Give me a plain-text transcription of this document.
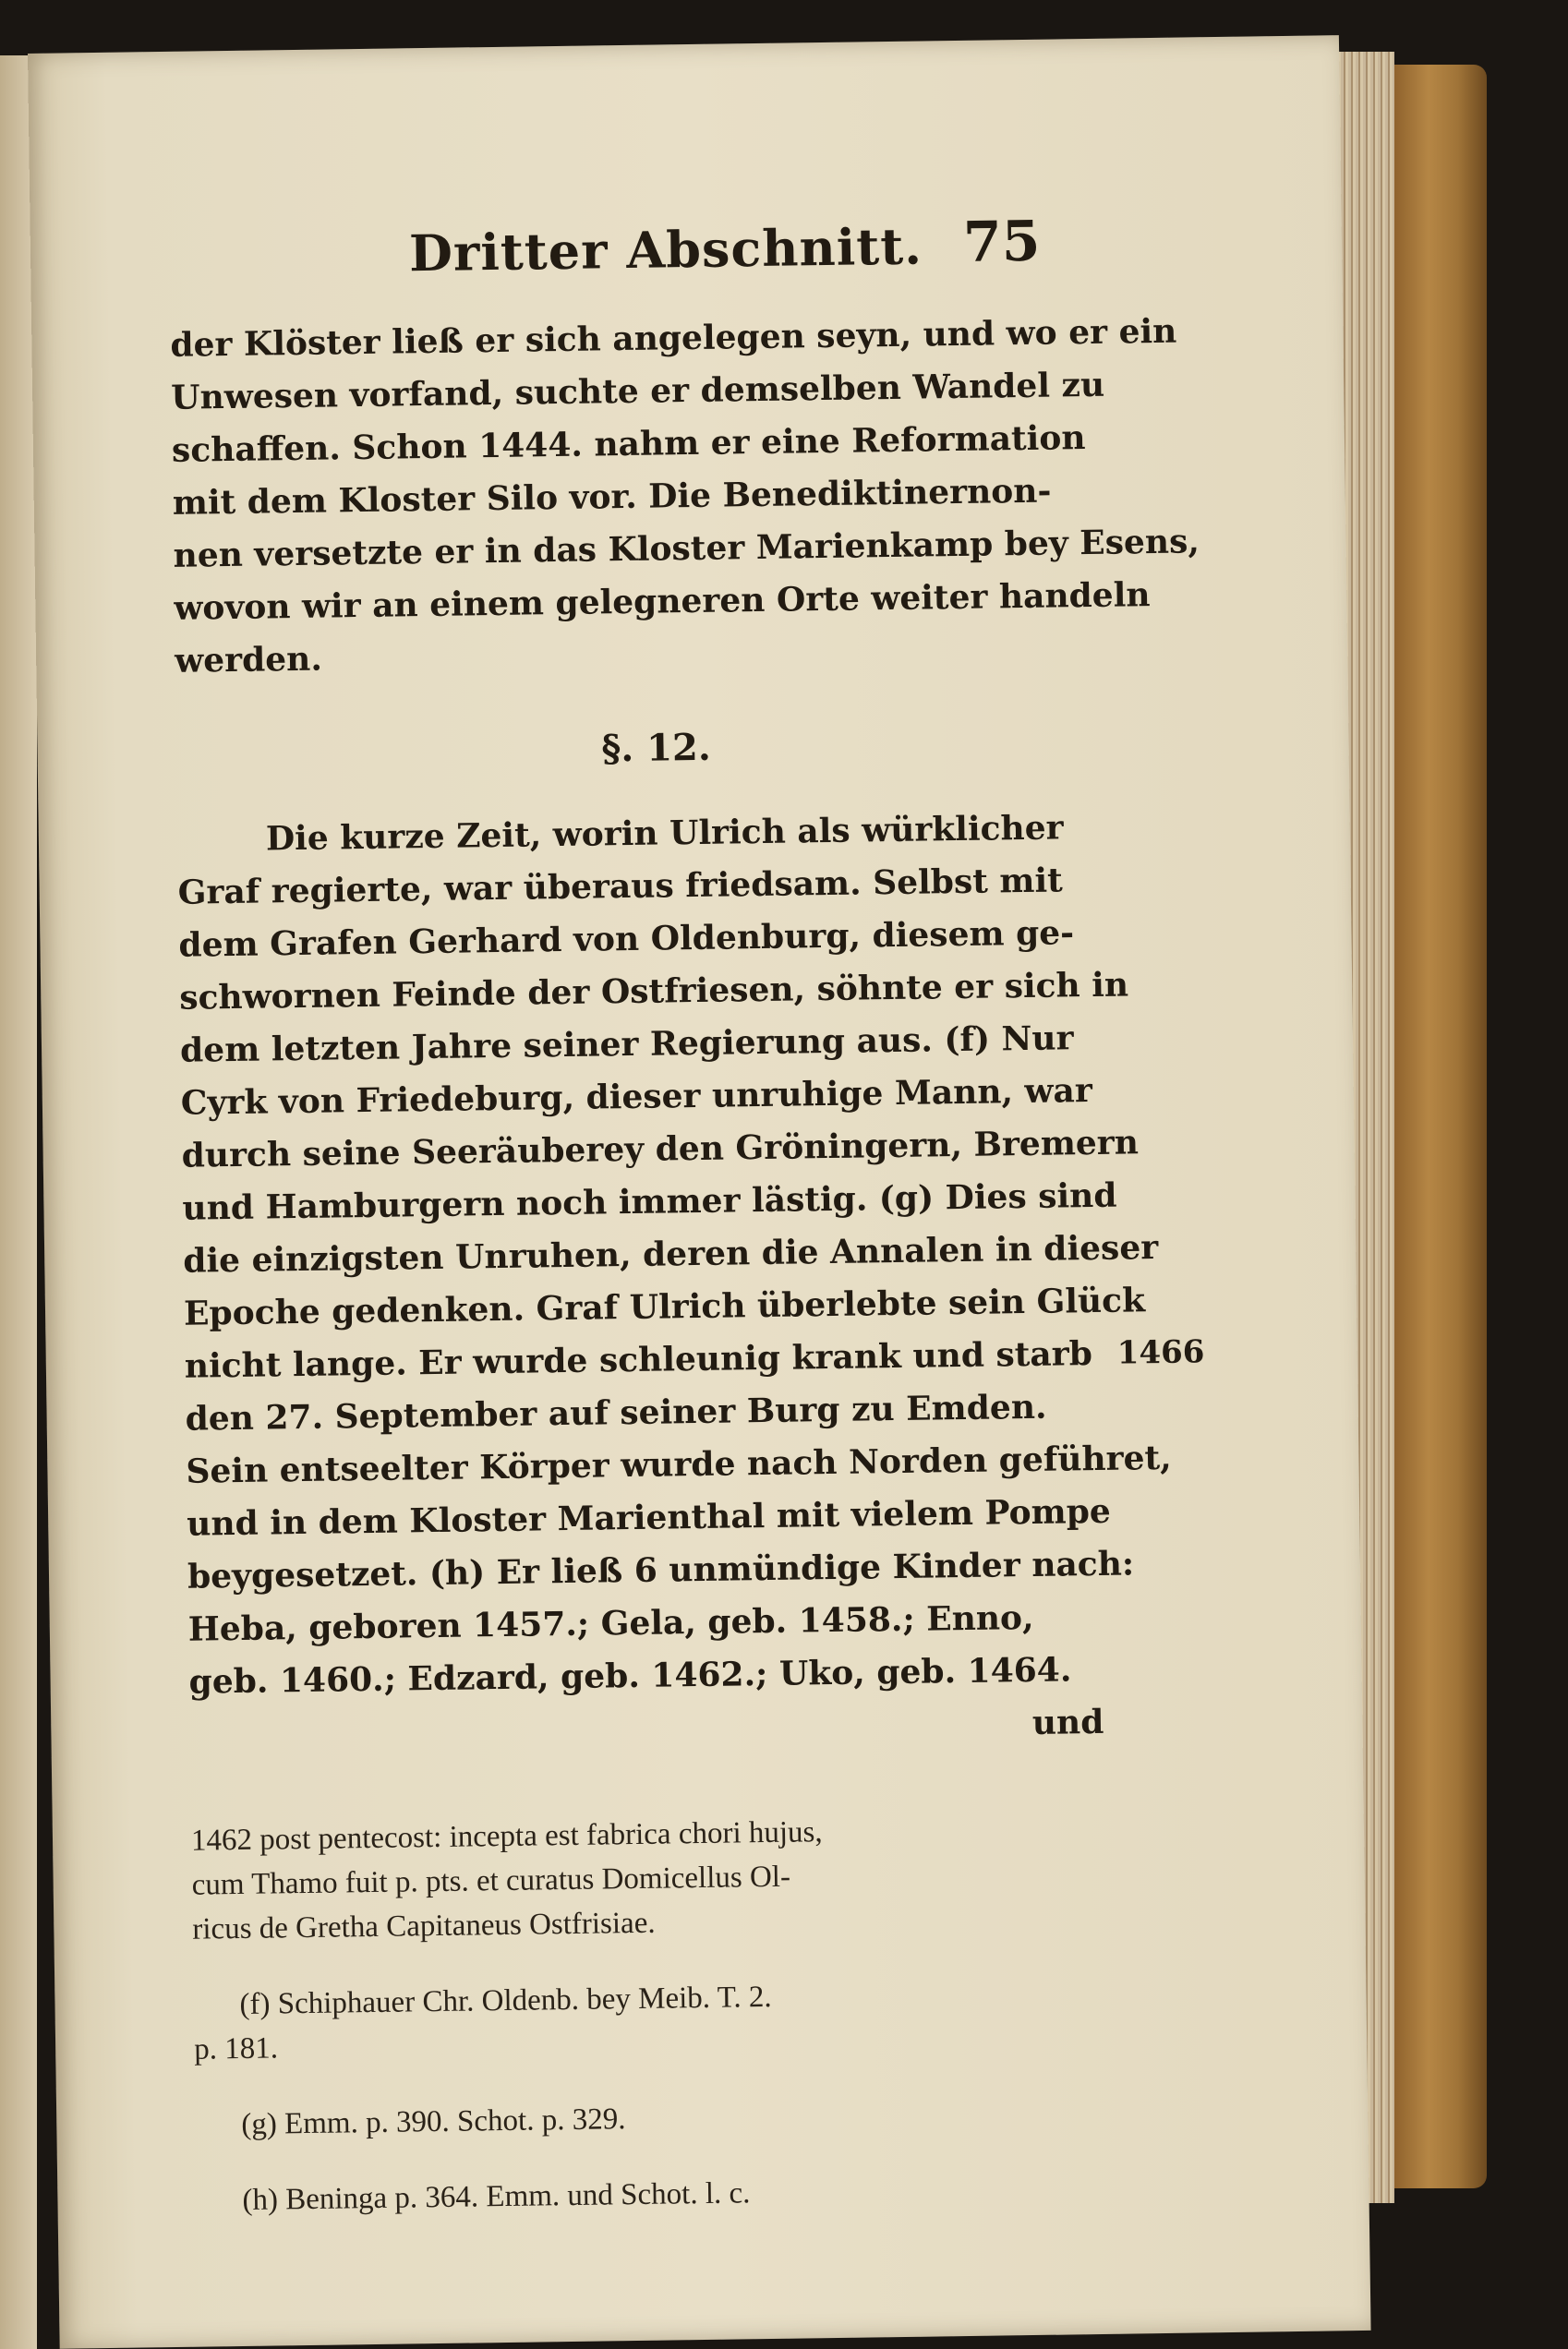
Dritter Abschnitt. 75

der Klöster ließ er sich angelegen seyn, und wo er ein
Unwesen vorfand, suchte er demselben Wandel zu
schaffen. Schon 1444. nahm er eine Reformation
mit dem Kloster Silo vor. Die Benediktinernon-
nen versetzte er in das Kloster Marienkamp bey Esens,
wovon wir an einem gelegneren Orte weiter handeln
werden.

§. 12.

Die kurze Zeit, worin Ulrich als würklicher
Graf regierte, war überaus friedsam. Selbst mit
dem Grafen Gerhard von Oldenburg, diesem ge-
schwornen Feinde der Ostfriesen, söhnte er sich in
dem letzten Jahre seiner Regierung aus. (f) Nur
Cyrk von Friedeburg, dieser unruhige Mann, war
durch seine Seeräuberey den Gröningern, Bremern
und Hamburgern noch immer lästig. (g) Dies sind
die einzigsten Unruhen, deren die Annalen in dieser
Epoche gedenken. Graf Ulrich überlebte sein Glück
nicht lange. Er wurde schleunig krank und starb 1466
den 27. September auf seiner Burg zu Emden.
Sein entseelter Körper wurde nach Norden geführet,
und in dem Kloster Marienthal mit vielem Pompe
beygesetzet. (h) Er ließ 6 unmündige Kinder nach:
Heba, geboren 1457.; Gela, geb. 1458.; Enno,
geb. 1460.; Edzard, geb. 1462.; Uko, geb. 1464.
und

1462 post pentecost: incepta est fabrica chori hujus,
cum Thamo fuit p. pts. et curatus Domicellus Ol-
ricus de Gretha Capitaneus Ostfrisiae.
(f) Schiphauer Chr. Oldenb. bey Meib. T. 2.
p. 181.
(g) Emm. p. 390. Schot. p. 329.
(h) Beninga p. 364. Emm. und Schot. l. c.
